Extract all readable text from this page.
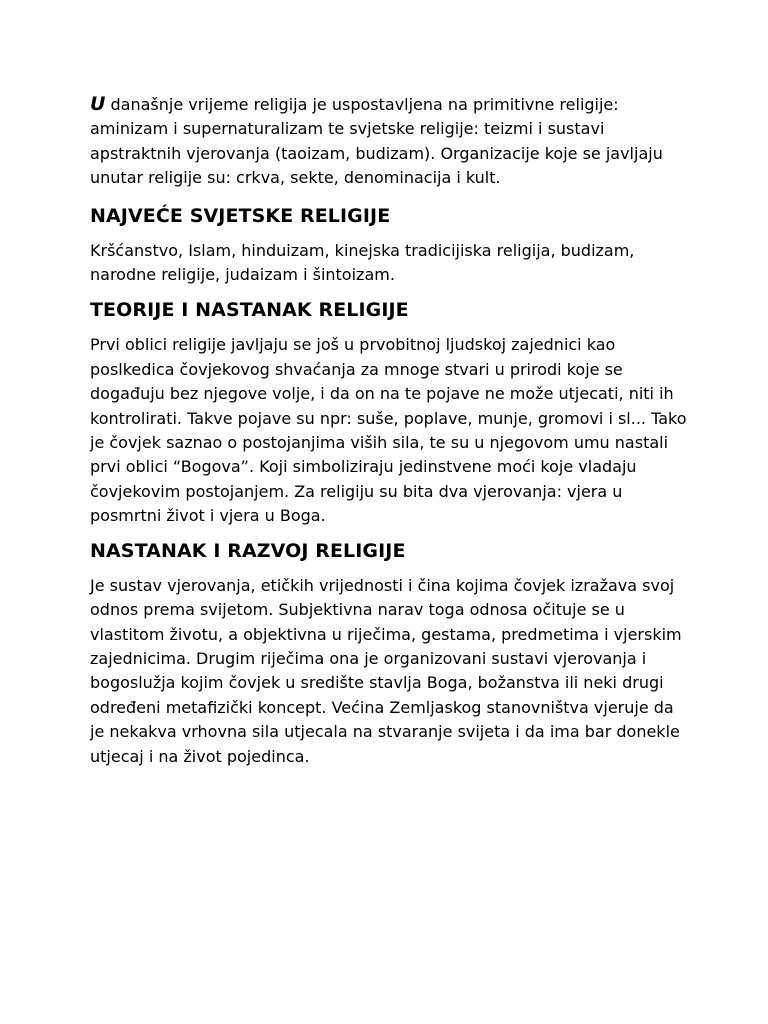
U današnje vrijeme religija je uspostavljena na primitivne religije: aminizam i supernaturalizam te svjetske religije: teizmi i sustavi apstraktnih vjerovanja (taoizam, budizam). Organizacije koje se javljaju unutar religije su: crkva, sekte, denominacija i kult.

NAJVEĆE SVJETSKE RELIGIJE

Kršćanstvo, Islam, hinduizam, kinejska tradicijiska religija, budizam, narodne religije, judaizam i šintoizam.

TEORIJE I NASTANAK RELIGIJE

Prvi oblici religije javljaju se još u prvobitnoj ljudskoj zajednici kao poslkedica čovjekovog shvaćanja za mnoge stvari u prirodi koje se događuju bez njegove volje, i da on na te pojave ne može utjecati, niti ih kontrolirati. Takve pojave su npr: suše, poplave, munje, gromovi i sl... Tako je čovjek saznao o postojanjima viših sila, te su u njegovom umu nastali prvi oblici “Bogova”. Koji simboliziraju jedinstvene moći koje vladaju čovjekovim postojanjem. Za religiju su bita dva vjerovanja: vjera u posmrtni život i vjera u Boga.

NASTANAK I RAZVOJ RELIGIJE

Je sustav vjerovanja, etičkih vrijednosti i čina kojima čovjek izražava svoj odnos prema svijetom. Subjektivna narav toga odnosa očituje se u vlastitom životu, a objektivna u riječima, gestama, predmetima i vjerskim zajednicima. Drugim riječima ona je organizovani sustavi vjerovanja i bogoslužja kojim čovjek u središte stavlja Boga, božanstva ili neki drugi određeni metafizički koncept. Većina Zemljaskog stanovništva vjeruje da je nekakva vrhovna sila utjecala na stvaranje svijeta i da ima bar donekle utjecaj i na život pojedinca.
